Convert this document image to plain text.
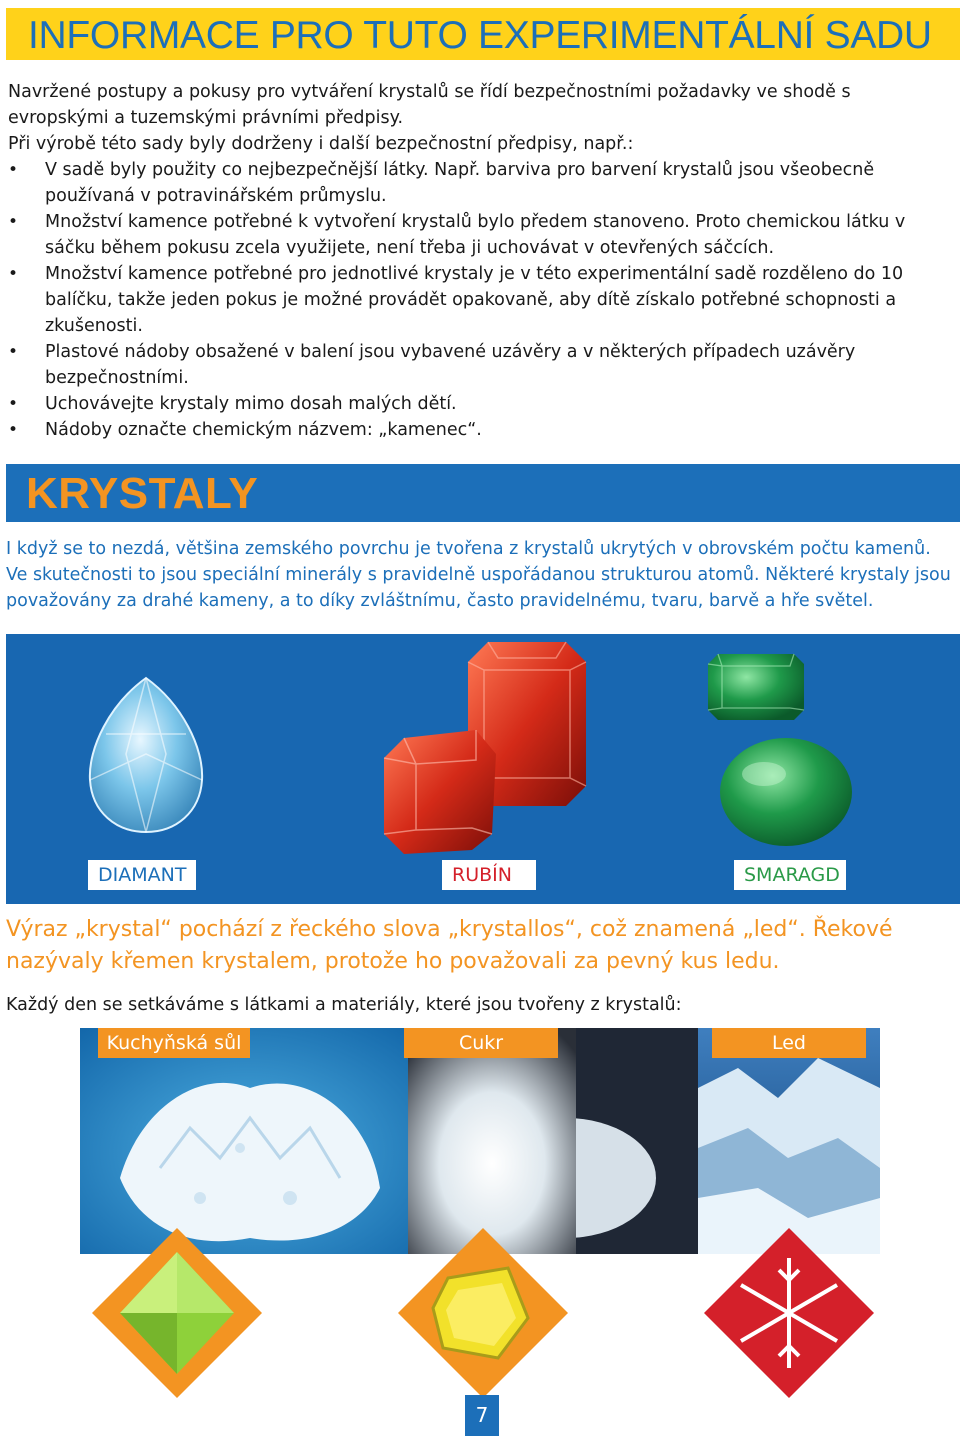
INFORMACE PRO TUTO EXPERIMENTÁLNÍ SADU

Navržené postupy a pokusy pro vytváření krystalů se řídí bezpečnostními požadavky ve shodě s evropskými a tuzemskými právními předpisy.

Při výrobě této sady byly dodrženy i další bezpečnostní předpisy, např.:

• V sadě byly použity co nejbezpečnější látky. Např. barviva pro barvení krystalů jsou všeobecně používaná v potravinářském průmyslu.
• Množství kamence potřebné k vytvoření krystalů bylo předem stanoveno. Proto chemickou látku v sáčku během pokusu zcela využijete, není třeba ji uchovávat v otevřených sáčcích.
• Množství kamence potřebné pro jednotlivé krystaly je v této experimentální sadě rozděleno do 10 balíčku, takže jeden pokus je možné provádět opakovaně, aby dítě získalo potřebné schopnosti a zkušenosti.
• Plastové nádoby obsažené v balení jsou vybavené uzávěry a v některých případech uzávěry bezpečnostními.
• Uchovávejte krystaly mimo dosah malých dětí.
• Nádoby označte chemickým názvem: „kamenec“.
KRYSTALY

I když se to nezdá, většina zemského povrchu je tvořena z krystalů ukrytých v obrovském počtu kamenů. Ve skutečnosti to jsou speciální minerály s pravidelně uspořádanou strukturou atomů. Některé krystaly jsou považovány za drahé kameny, a to díky zvláštnímu, často pravidelnému, tvaru, barvě a hře světel.

DIAMANT	RUBÍN	SMARAGD

Výraz „krystal“ pochází z řeckého slova „krystallos“, což znamená „led“. Řekové nazývaly křemen krystalem, protože ho považovali za pevný kus ledu.

Každý den se setkáváme s látkami a materiály, které jsou tvořeny z krystalů:

Kuchyňská sůl	Cukr	Led
7
